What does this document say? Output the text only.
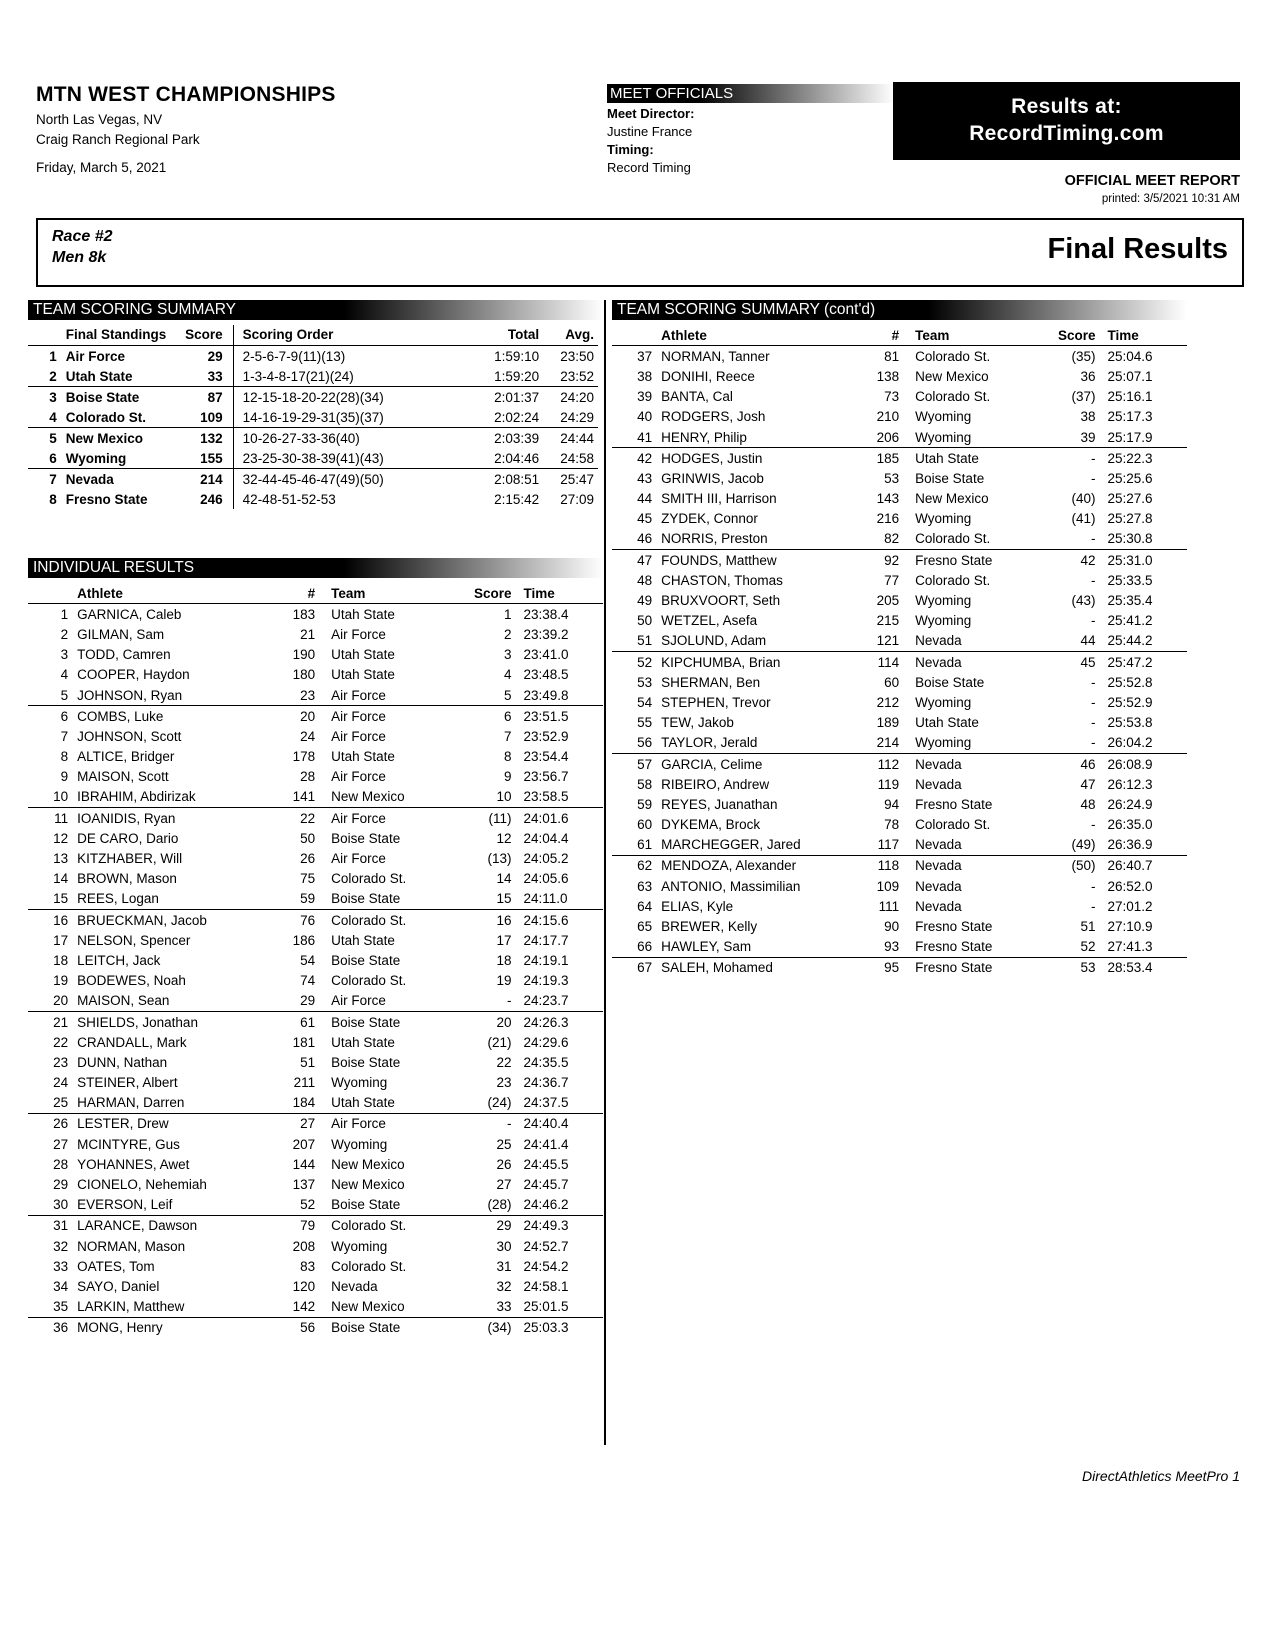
MTN WEST CHAMPIONSHIPS
North Las Vegas, NV
Craig Ranch Regional Park
Friday, March 5, 2021
MEET OFFICIALS
Meet Director:
Justine France
Timing:
Record Timing
Results at:
RecordTiming.com
OFFICIAL MEET REPORT
printed: 3/5/2021 10:31 AM
Race #2
Men 8k	Final Results
TEAM SCORING SUMMARY	TEAM SCORING SUMMARY (cont'd)
INDIVIDUAL RESULTS
	Final Standings	Score	Scoring Order	Total	Avg.
1	Air Force	29	2-5-6-7-9(11)(13)	1:59:10	23:50
2	Utah State	33	1-3-4-8-17(21)(24)	1:59:20	23:52
3	Boise State	87	12-15-18-20-22(28)(34)	2:01:37	24:20
4	Colorado St.	109	14-16-19-29-31(35)(37)	2:02:24	24:29
5	New Mexico	132	10-26-27-33-36(40)	2:03:39	24:44
6	Wyoming	155	23-25-30-38-39(41)(43)	2:04:46	24:58
7	Nevada	214	32-44-45-46-47(49)(50)	2:08:51	25:47
8	Fresno State	246	42-48-51-52-53	2:15:42	27:09
	Athlete	#	Team	Score	Time
1	GARNICA, Caleb	183	Utah State	1	23:38.4
2	GILMAN, Sam	21	Air Force	2	23:39.2
3	TODD, Camren	190	Utah State	3	23:41.0
4	COOPER, Haydon	180	Utah State	4	23:48.5
5	JOHNSON, Ryan	23	Air Force	5	23:49.8
6	COMBS, Luke	20	Air Force	6	23:51.5
7	JOHNSON, Scott	24	Air Force	7	23:52.9
8	ALTICE, Bridger	178	Utah State	8	23:54.4
9	MAISON, Scott	28	Air Force	9	23:56.7
10	IBRAHIM, Abdirizak	141	New Mexico	10	23:58.5
11	IOANIDIS, Ryan	22	Air Force	(11)	24:01.6
12	DE CARO, Dario	50	Boise State	12	24:04.4
13	KITZHABER, Will	26	Air Force	(13)	24:05.2
14	BROWN, Mason	75	Colorado St.	14	24:05.6
15	REES, Logan	59	Boise State	15	24:11.0
16	BRUECKMAN, Jacob	76	Colorado St.	16	24:15.6
17	NELSON, Spencer	186	Utah State	17	24:17.7
18	LEITCH, Jack	54	Boise State	18	24:19.1
19	BODEWES, Noah	74	Colorado St.	19	24:19.3
20	MAISON, Sean	29	Air Force	-	24:23.7
21	SHIELDS, Jonathan	61	Boise State	20	24:26.3
22	CRANDALL, Mark	181	Utah State	(21)	24:29.6
23	DUNN, Nathan	51	Boise State	22	24:35.5
24	STEINER, Albert	211	Wyoming	23	24:36.7
25	HARMAN, Darren	184	Utah State	(24)	24:37.5
26	LESTER, Drew	27	Air Force	-	24:40.4
27	MCINTYRE, Gus	207	Wyoming	25	24:41.4
28	YOHANNES, Awet	144	New Mexico	26	24:45.5
29	CIONELO, Nehemiah	137	New Mexico	27	24:45.7
30	EVERSON, Leif	52	Boise State	(28)	24:46.2
31	LARANCE, Dawson	79	Colorado St.	29	24:49.3
32	NORMAN, Mason	208	Wyoming	30	24:52.7
33	OATES, Tom	83	Colorado St.	31	24:54.2
34	SAYO, Daniel	120	Nevada	32	24:58.1
35	LARKIN, Matthew	142	New Mexico	33	25:01.5
36	MONG, Henry	56	Boise State	(34)	25:03.3
	Athlete	#	Team	Score	Time
37	NORMAN, Tanner	81	Colorado St.	(35)	25:04.6
38	DONIHI, Reece	138	New Mexico	36	25:07.1
39	BANTA, Cal	73	Colorado St.	(37)	25:16.1
40	RODGERS, Josh	210	Wyoming	38	25:17.3
41	HENRY, Philip	206	Wyoming	39	25:17.9
42	HODGES, Justin	185	Utah State	-	25:22.3
43	GRINWIS, Jacob	53	Boise State	-	25:25.6
44	SMITH III, Harrison	143	New Mexico	(40)	25:27.6
45	ZYDEK, Connor	216	Wyoming	(41)	25:27.8
46	NORRIS, Preston	82	Colorado St.	-	25:30.8
47	FOUNDS, Matthew	92	Fresno State	42	25:31.0
48	CHASTON, Thomas	77	Colorado St.	-	25:33.5
49	BRUXVOORT, Seth	205	Wyoming	(43)	25:35.4
50	WETZEL, Asefa	215	Wyoming	-	25:41.2
51	SJOLUND, Adam	121	Nevada	44	25:44.2
52	KIPCHUMBA, Brian	114	Nevada	45	25:47.2
53	SHERMAN, Ben	60	Boise State	-	25:52.8
54	STEPHEN, Trevor	212	Wyoming	-	25:52.9
55	TEW, Jakob	189	Utah State	-	25:53.8
56	TAYLOR, Jerald	214	Wyoming	-	26:04.2
57	GARCIA, Celime	112	Nevada	46	26:08.9
58	RIBEIRO, Andrew	119	Nevada	47	26:12.3
59	REYES, Juanathan	94	Fresno State	48	26:24.9
60	DYKEMA, Brock	78	Colorado St.	-	26:35.0
61	MARCHEGGER, Jared	117	Nevada	(49)	26:36.9
62	MENDOZA, Alexander	118	Nevada	(50)	26:40.7
63	ANTONIO, Massimilian	109	Nevada	-	26:52.0
64	ELIAS, Kyle	111	Nevada	-	27:01.2
65	BREWER, Kelly	90	Fresno State	51	27:10.9
66	HAWLEY, Sam	93	Fresno State	52	27:41.3
67	SALEH, Mohamed	95	Fresno State	53	28:53.4
DirectAthletics MeetPro 1
